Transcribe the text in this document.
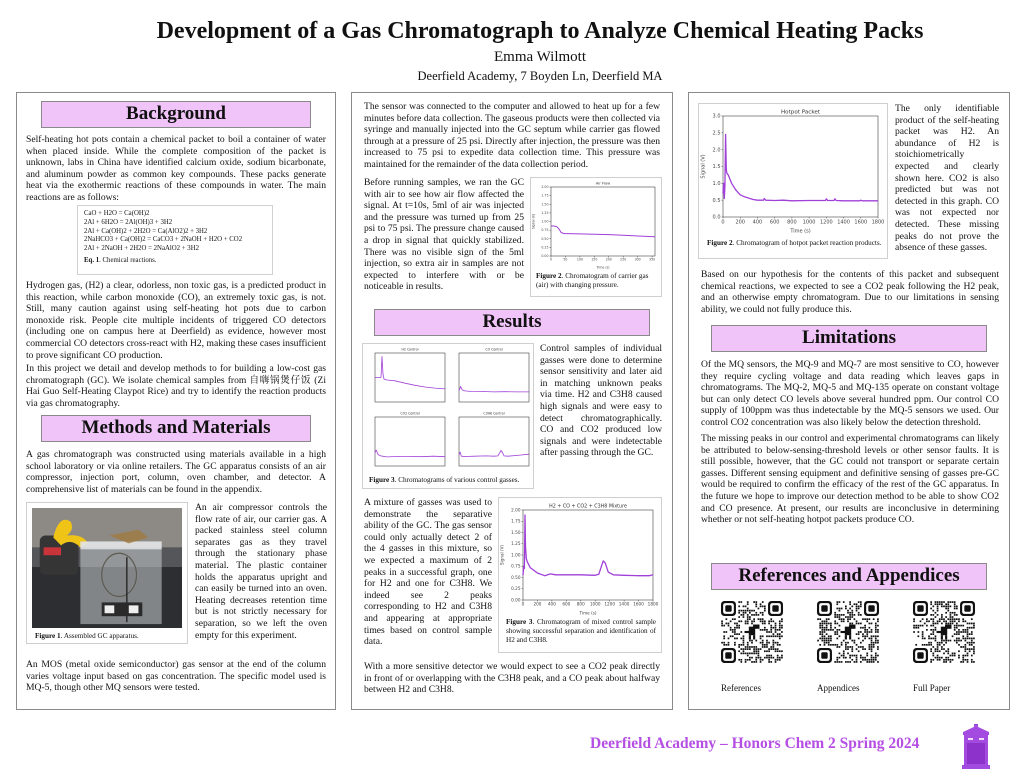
Development of a Gas Chromatograph to Analyze Chemical Heating Packs
Emma Wilmott
Deerfield Academy, 7 Boyden Ln, Deerfield MA
Background
Self-heating hot pots contain a chemical packet to boil a container of water when placed inside. While the complete composition of the packet is unknown, labs in China have identified calcium oxide, sodium bicarbonate, and aluminum powder as common key compounds. These packs generate heat via the exothermic reactions of these compounds in water. The main reactions are as follows:
CaO + H2O = Ca(OH)2
2Al + 6H2O = 2Al(OH)3 + 3H2
2Al + Ca(OH)2 + 2H2O = Ca(AlO2)2 + 3H2
2NaHCO3 + Ca(OH)2 = CaCO3 + 2NaOH + H2O + CO2
2Al + 2NaOH + 2H2O = 2NaAlO2 + 3H2
Eq. 1. Chemical reactions.
Hydrogen gas, (H2) a clear, odorless, non toxic gas, is a predicted product in this reaction, while carbon monoxide (CO), an extremely toxic gas, is not. Still, many caution against using self-heating hot pots due to carbon monoxide risk. People cite multiple incidents of triggered CO detectors (including one on campus here at Deerfield) as evidence, however most commercial CO detectors cross-react with H2, making these cases insufficient to prove significant CO production.
In this project we detail and develop methods to for building a low-cost gas chromatograph (GC). We isolate chemical samples from 自嗨锅煲仔饭 (Zi Hai Guo Self-Heating Claypot Rice) and try to identify the reaction products via gas chromatography.
Methods and Materials
A gas chromatograph was constructed using materials available in a high school laboratory or via online retailers. The GC apparatus consists of an air compressor, injection port, column, oven chamber, and detector. A comprehensive list of materials can be found in the appendix.
Figure 1. Assembled GC apparatus.
An air compressor controls the flow rate of air, our carrier gas. A packed stainless steel column separates gas as they travel through the stationary phase material. The plastic container holds the apparatus upright and can easily be turned into an oven. Heating decreases retention time but is not strictly necessary for separation, so we left the oven empty for this experiment.
An MOS (metal oxide semiconductor) gas sensor at the end of the column varies voltage input based on gas concentration. The specific model used is MQ-5, though other MQ sensors were tested.
The sensor was connected to the computer and allowed to heat up for a few minutes before data collection. The gaseous products were then collected via syringe and manually injected into the GC septum while carrier gas flowed through at a pressure of 25 psi. Directly after injection, the pressure was then increased to 75 psi to expedite data collection time. This pressure was maintained for the remainder of the data collection period.
Before running samples, we ran the GC with air to see how air flow affected the signal. At t=10s, 5ml of air was injected and the pressure was turned up from 25 psi to 75 psi. The pressure change caused a drop in signal that quickly stabilized. There was no visible sign of the 5ml injection, so extra air in samples are not expected to interfere with or be noticeable in results.
Air Flow
0	50	100	150	200	250	300	350
0.00
0.25
0.50
0.75
1.00
1.25
1.50
1.75
2.00
Time (s)
Signal (V)
Figure 2. Chromatogram of carrier gas (air) with changing pressure.
Results
H2 Control	CO Control
CO2 Control	C3H8 Control
Figure 3. Chromatograms of various control gasses.
Control samples of individual gasses were done to determine sensor sensitivity and later aid in matching unknown peaks via time. H2 and C3H8 caused high signals and were easy to detect chromatographically. CO and CO2 produced low signals and were indetectable after passing through the GC.
A mixture of gasses was used to demonstrate the separative ability of the GC. The gas sensor could only actually detect 2 of the 4 gasses in this mixture, so we expected a maximum of 2 peaks in a successful graph, one for H2 and one for C3H8. We indeed see 2 peaks corresponding to H2 and C3H8 and appearing at appropriate times based on control sample data.
H2 + CO + CO2 + C3H8 Mixture
0 200 400 600 800 1000 1200 1400 1600 1800
0.00
0.25
0.50
0.75
1.00
1.25
1.50
1.75
2.00
Time (s)
Signal (V)
Figure 3. Chromatogram of mixed control sample showing successful separation and identification of H2 and C3H8.
With a more sensitive detector we would expect to see a CO2 peak directly in front of or overlapping with the C3H8 peak, and a CO peak about halfway between H2 and C3H8.
Hotpot Packet
0 200 400 600 800 1000 1200 1400 1600 1800
0.0
0.5
1.0
1.5
2.0
2.5
3.0
Time (s)
Signal (V)
Figure 2. Chromatogram of hotpot packet reaction products.
The only identifiable product of the self-heating packet was H2. An abundance of H2 is stoichiometrically expected and clearly shown here. CO2 is also predicted but was not detected in this graph. CO was not expected nor detected. These missing peaks do not prove the absence of these gasses.
Based on our hypothesis for the contents of this packet and subsequent chemical reactions, we expected to see a CO2 peak following the H2 peak, and an otherwise empty chromatogram. Due to our limitations in sensing ability, we could not fully produce this.
Limitations
Of the MQ sensors, the MQ-9 and MQ-7 are most sensitive to CO, however they require cycling voltage and data reading which leaves gaps in chromatograms. The MQ-2, MQ-5 and MQ-135 operate on constant voltage but can only detect CO levels above several hundred ppm. Our control CO supply of 100ppm was thus indetectable by the MQ-5 sensors we used. Our control CO2 concentration was also likely below the detection threshold.
The missing peaks in our control and experimental chromatograms can likely be attributed to below-sensing-threshold levels or other sensor faults. It is still possible, however, that the GC could not transport or separate certain gasses. Different sensing equipment and definitive sensing of gasses pre-GC would be required to confirm the efficacy of the rest of the GC apparatus. In the future we hope to improve our detection method to be able to show CO2 and CO presence. At present, our results are inconclusive in determining whether or not self-heating hotpot packets produce CO.
References and Appendices
References	Appendices	Full Paper
Deerfield Academy – Honors Chem 2 Spring 2024
